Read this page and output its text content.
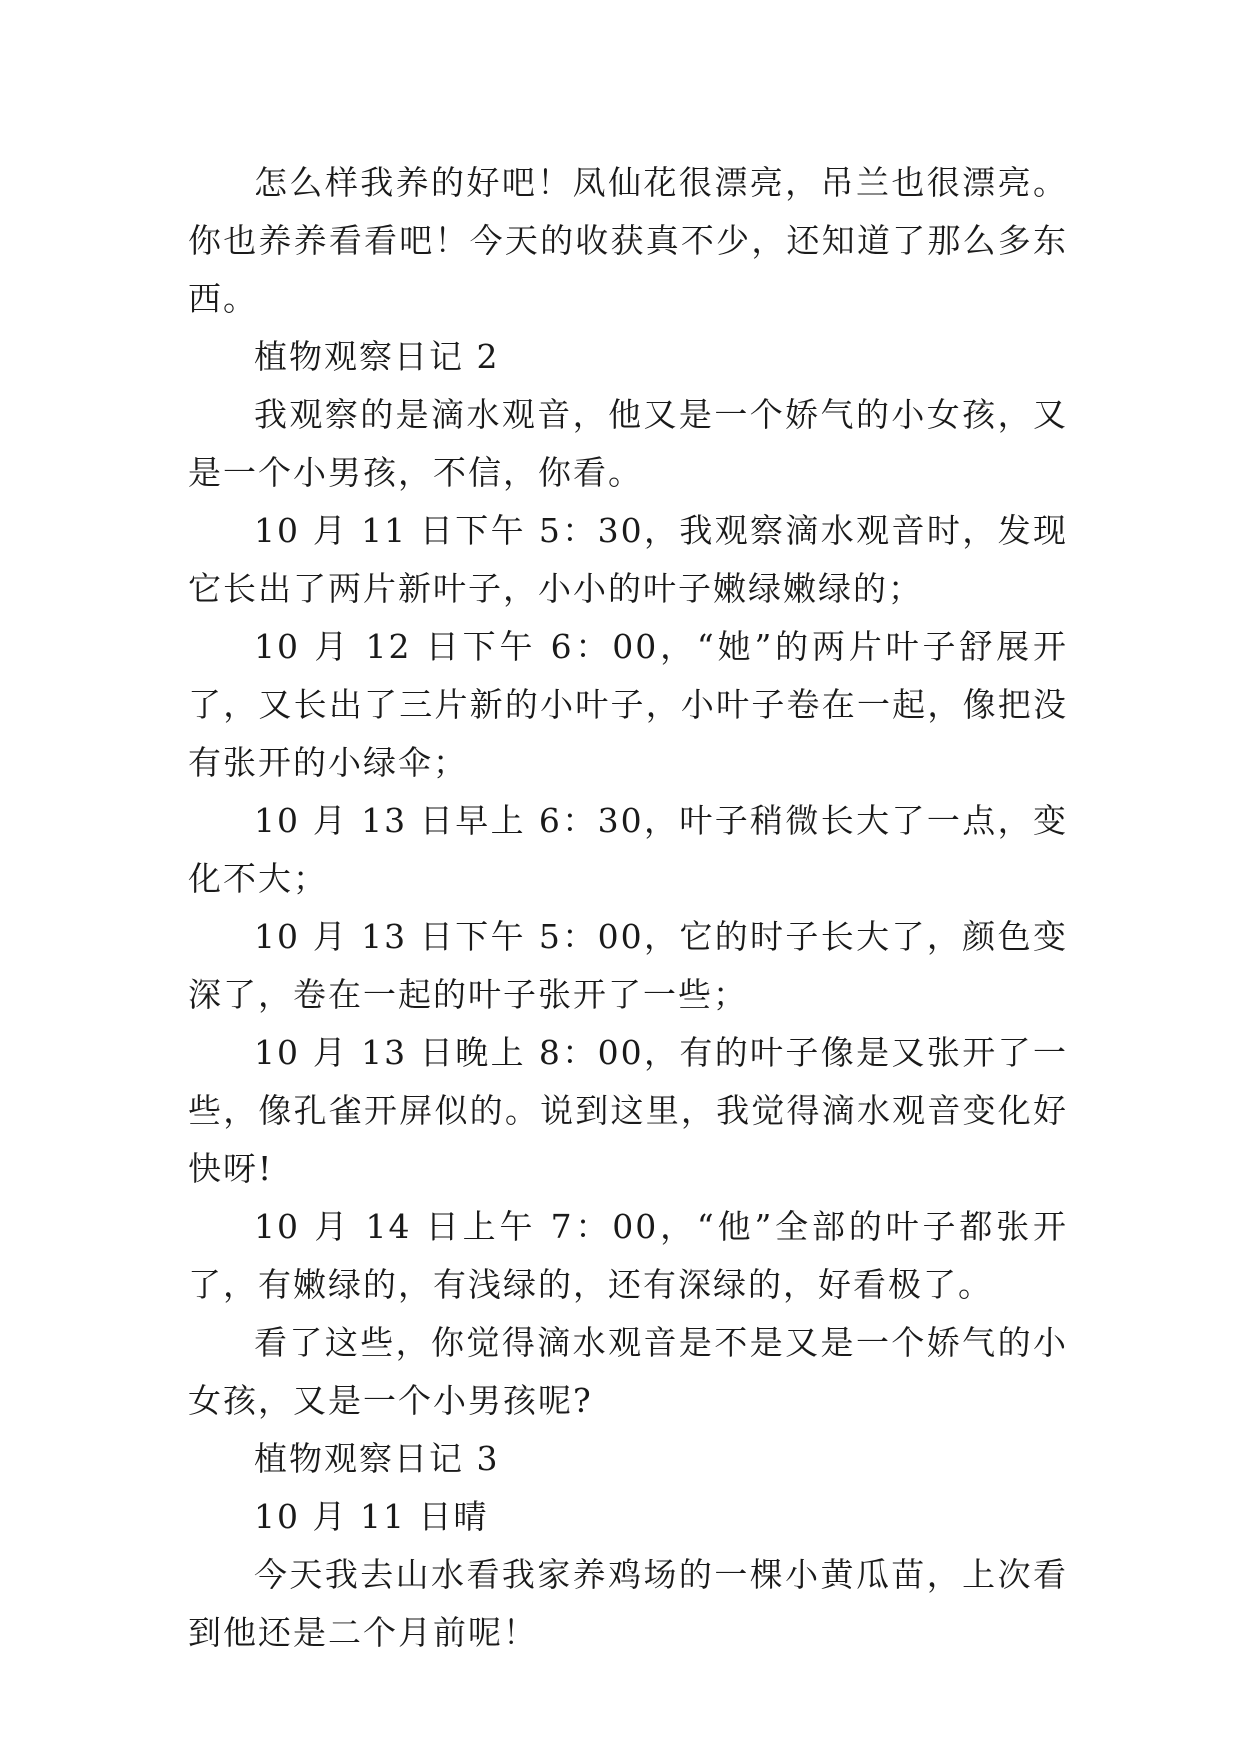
怎么样我养的好吧！凤仙花很漂亮，吊兰也很漂亮。你也养养看看吧！今天的收获真不少，还知道了那么多东西。

植物观察日记 2

我观察的是滴水观音，他又是一个娇气的小女孩，又是一个小男孩，不信，你看。

10 月 11 日下午 5：30，我观察滴水观音时，发现它长出了两片新叶子，小小的叶子嫩绿嫩绿的；

10 月 12 日下午 6：00，“她”的两片叶子舒展开了，又长出了三片新的小叶子，小叶子卷在一起，像把没有张开的小绿伞；

10 月 13 日早上 6：30，叶子稍微长大了一点，变化不大；

10 月 13 日下午 5：00，它的时子长大了，颜色变深了，卷在一起的叶子张开了一些；

10 月 13 日晚上 8：00，有的叶子像是又张开了一些，像孔雀开屏似的。说到这里，我觉得滴水观音变化好快呀!

10 月 14 日上午 7：00，“他”全部的叶子都张开了，有嫩绿的，有浅绿的，还有深绿的，好看极了。

看了这些，你觉得滴水观音是不是又是一个娇气的小女孩，又是一个小男孩呢?

植物观察日记 3

10 月 11 日晴

今天我去山水看我家养鸡场的一棵小黄瓜苗，上次看到他还是二个月前呢！
